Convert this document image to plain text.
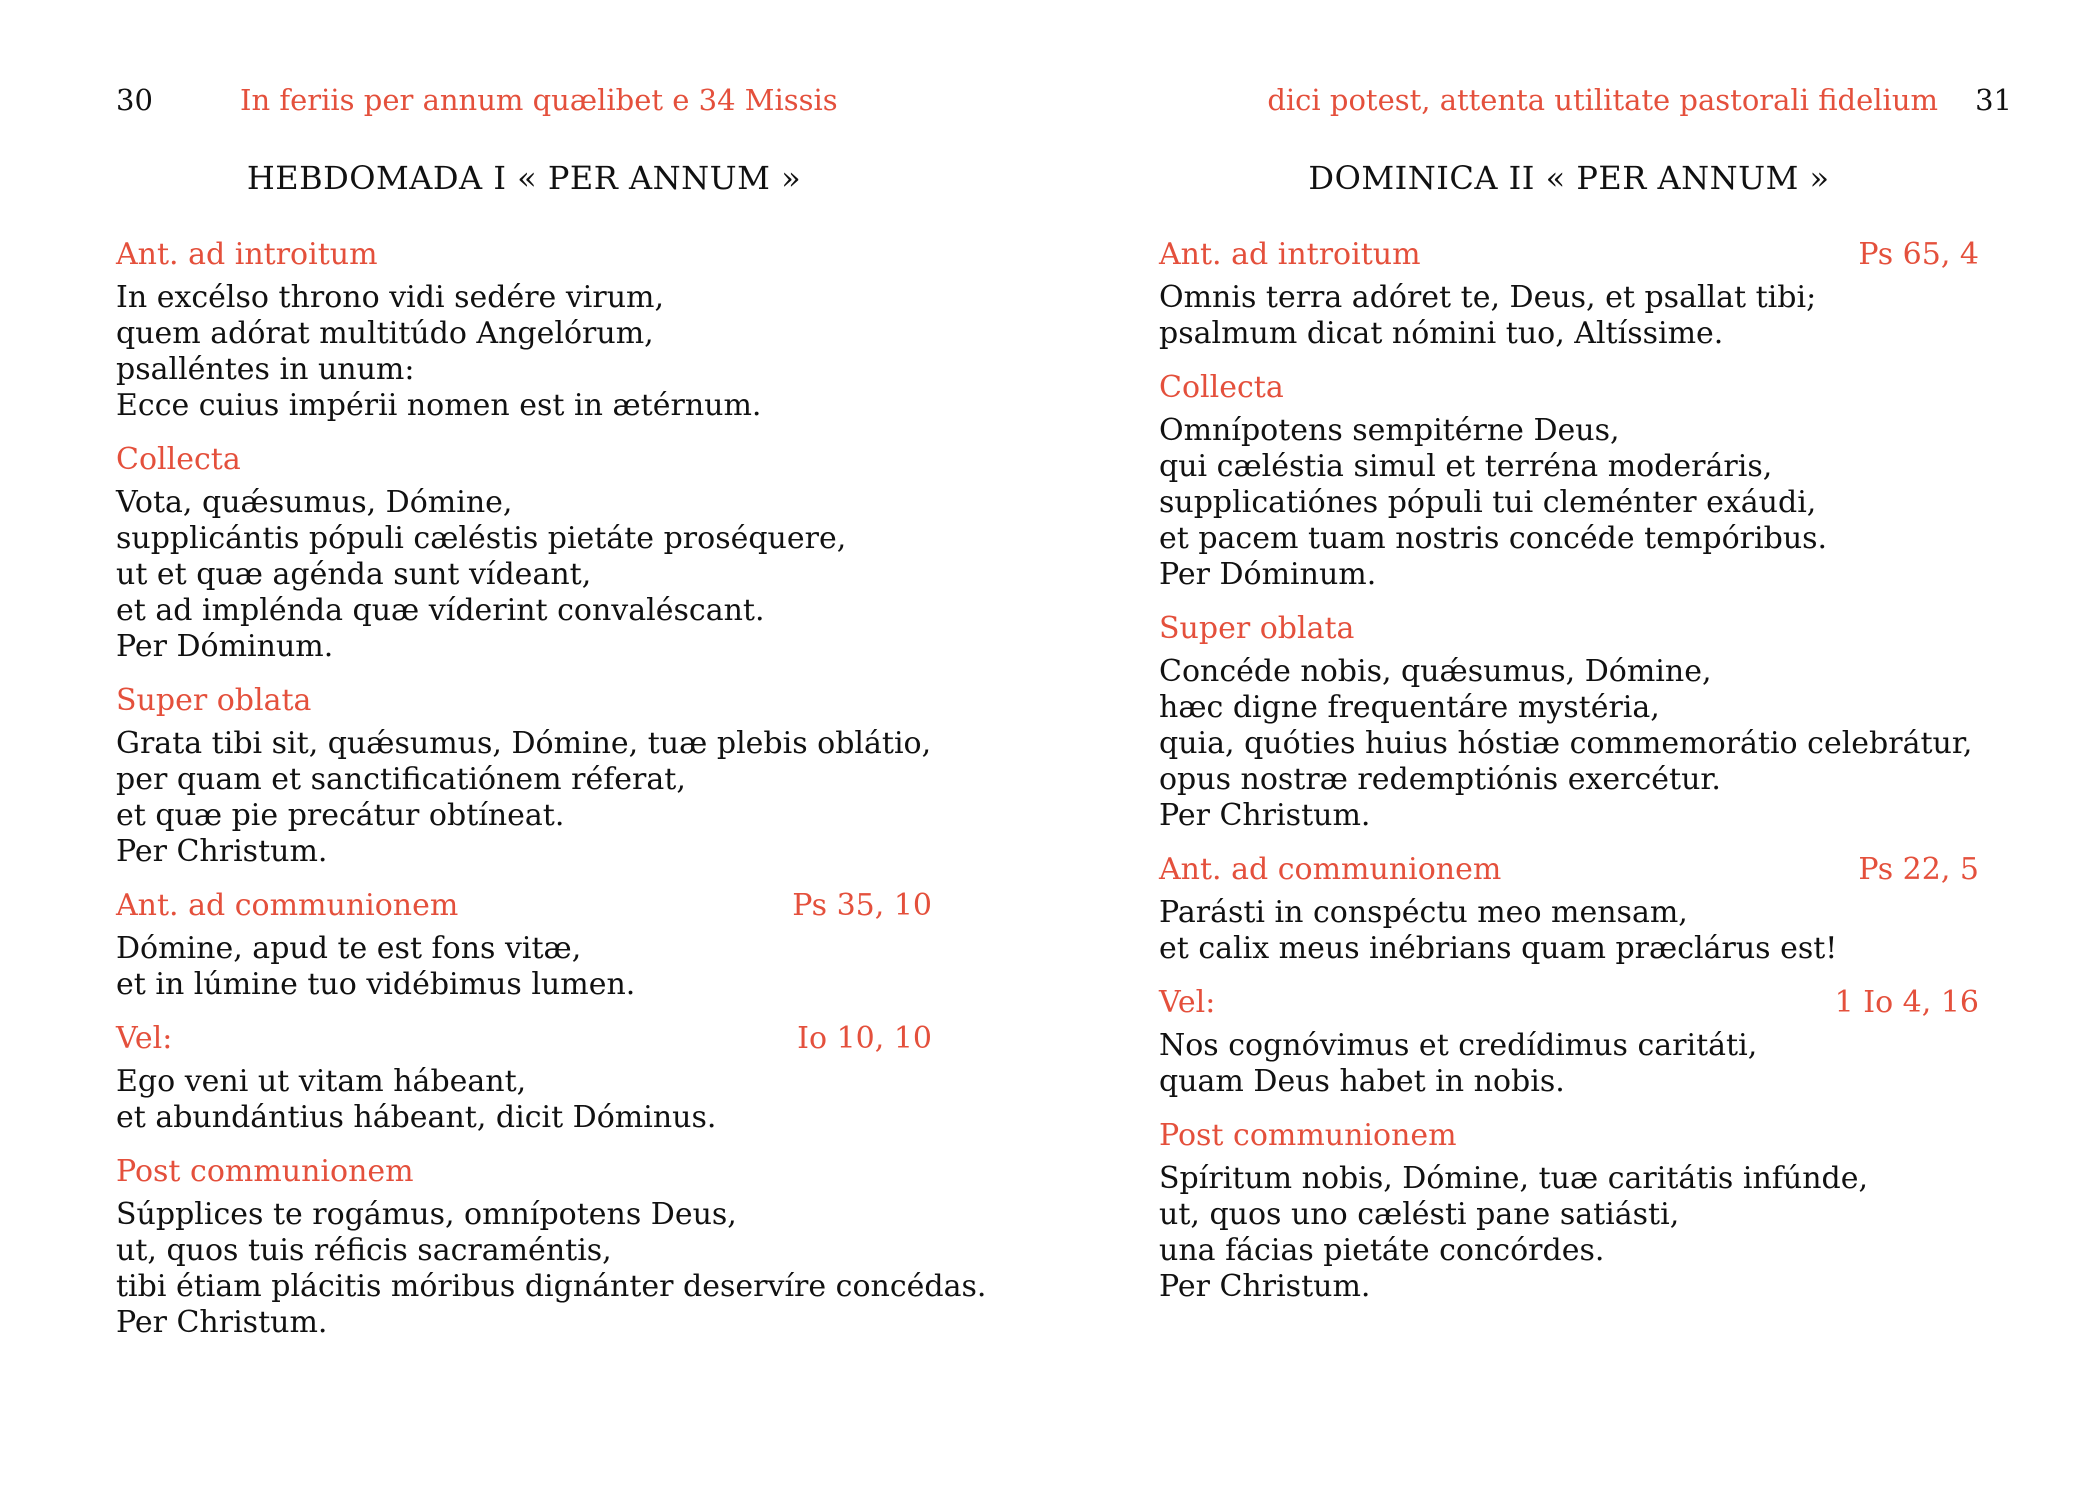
30	In feriis per annum quælibet e 34 Missis
HEBDOMADA I « PER ANNUM »
Ant. ad introitum
In excélso throno vidi sedére virum,
quem adórat multitúdo Angelórum,
psalléntes in unum:
Ecce cuius impérii nomen est in ætérnum.
Collecta
Vota, quǽsumus, Dómine,
supplicántis pópuli cæléstis pietáte proséquere,
ut et quæ agénda sunt vídeant,
et ad impléndа quæ víderint convaléscant.
Per Dóminum.
Super oblata
Grata tibi sit, quǽsumus, Dómine, tuæ plebis oblátio,
per quam et sanctificatiónem réferat,
et quæ pie precátur obtíneat.
Per Christum.
Ant. ad communionem	Ps 35, 10
Dómine, apud te est fons vitæ,
et in lúmine tuo vidébimus lumen.
Vel:	Io 10, 10
Ego veni ut vitam hábeant,
et abundántius hábeant, dicit Dóminus.
Post communionem
Súpplices te rogámus, omnípotens Deus,
ut, quos tuis réficis sacraméntis,
tibi étiam plácitis móribus dignánter deservíre concédas.
Per Christum.
dici potest, attenta utilitate pastorali fidelium 31
DOMINICA II « PER ANNUM »
Ant. ad introitum	Ps 65, 4
Omnis terra adóret te, Deus, et psallat tibi;
psalmum dicat nómini tuo, Altíssime.
Collecta
Omnípotens sempitérne Deus,
qui cæléstia simul et terréna moderáris,
supplicatiónes pópuli tui cleménter exáudi,
et pacem tuam nostris concéde tempóribus.
Per Dóminum.
Super oblata
Concéde nobis, quǽsumus, Dómine,
hæc digne frequentáre mystéria,
quia, quóties huius hóstiæ commemorátio celebrátur,
opus nostræ redemptiónis exercétur.
Per Christum.
Ant. ad communionem	Ps 22, 5
Parásti in conspéctu meo mensam,
et calix meus inébrians quam præclárus est!
Vel:	1 Io 4, 16
Nos cognóvimus et credídimus caritáti,
quam Deus habet in nobis.
Post communionem
Spíritum nobis, Dómine, tuæ caritátis infúnde,
ut, quos uno cælésti pane satiásti,
una fácias pietáte concórdes.
Per Christum.
